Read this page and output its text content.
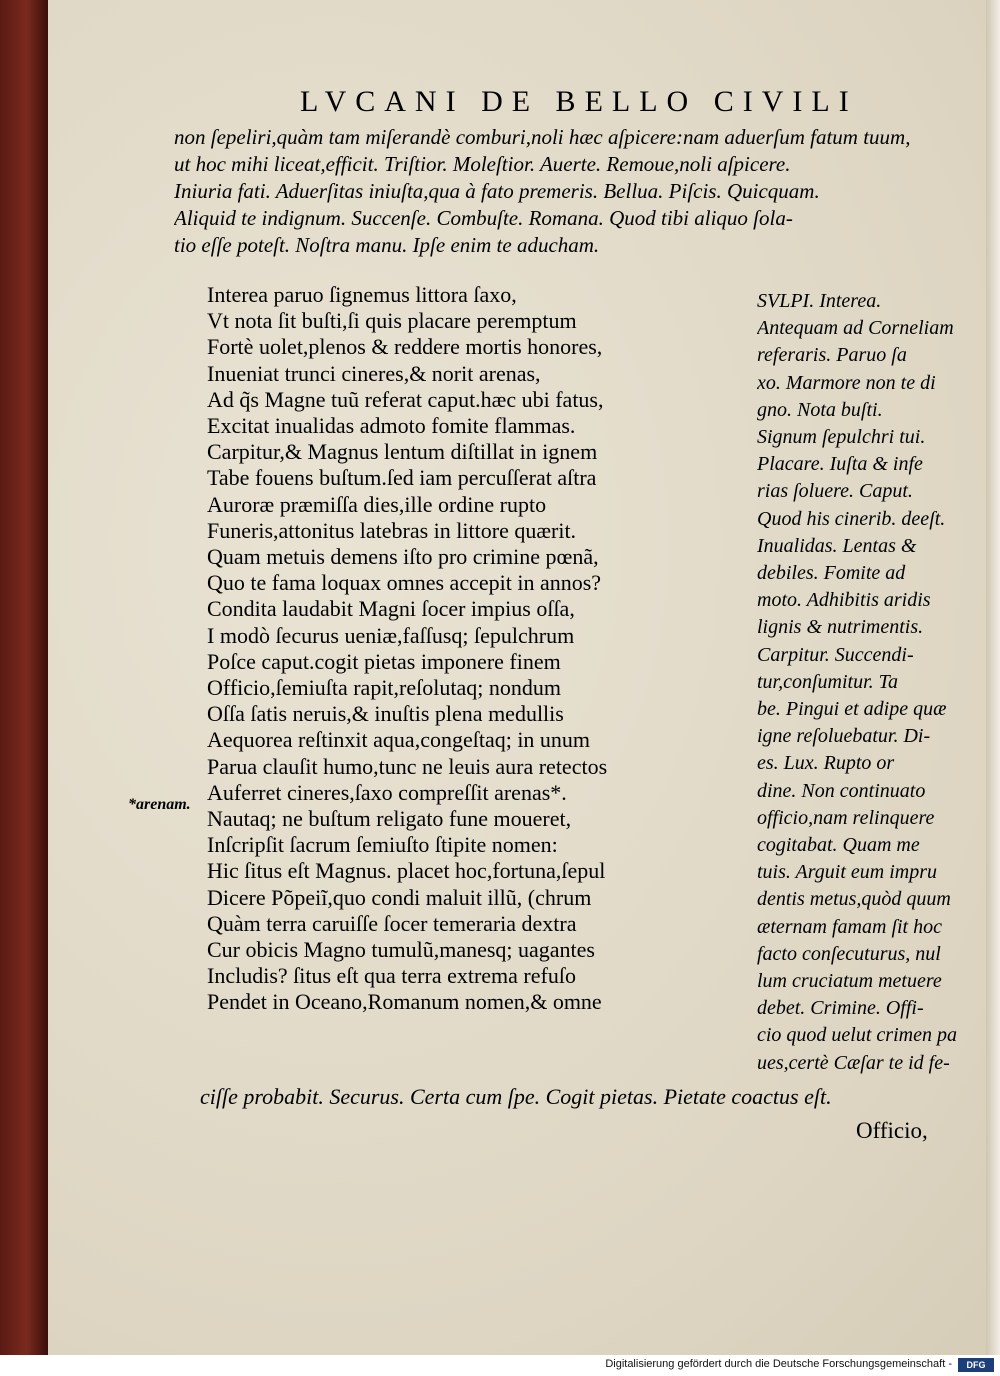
LVCANI DE BELLO CIVILI
non ſepeliri,quàm tam miſerandè comburi,noli hæc aſpicere:nam aduerſum fatum tuum,
ut hoc mihi liceat,efficit. Triſtior. Moleſtior. Auerte. Remoue,noli aſpicere.
Iniuria fati. Aduerſitas iniuſta,qua à fato premeris. Bellua. Piſcis. Quicquam.
Aliquid te indignum. Succenſe. Combuſte. Romana. Quod tibi aliquo ſola-
tio eſſe poteſt. Noſtra manu. Ipſe enim te aducham.
Interea paruo ſignemus littora ſaxo,
Vt nota ſit buſti,ſi quis placare peremptum
Fortè uolet,plenos & reddere mortis honores,
Inueniat trunci cineres,& norit arenas,
Ad q̃s Magne tuũ referat caput.hæc ubi fatus,
Excitat inualidas admoto fomite flammas.
Carpitur,& Magnus lentum diſtillat in ignem
Tabe fouens buſtum.ſed iam percuſſerat aſtra
Auroræ præmiſſa dies,ille ordine rupto
Funeris,attonitus latebras in littore quærit.
Quam metuis demens iſto pro crimine pœnã,
Quo te fama loquax omnes accepit in annos?
Condita laudabit Magni ſocer impius oſſa,
I modò ſecurus ueniæ,faſſusq; ſepulchrum
Poſce caput.cogit pietas imponere finem
Officio,ſemiuſta rapit,reſolutaq; nondum
Oſſa ſatis neruis,& inuſtis plena medullis
Aequorea reſtinxit aqua,congeſtaq; in unum
Parua clauſit humo,tunc ne leuis aura retectos
Auferret cineres,ſaxo compreſſit arenas*.
Nautaq; ne buſtum religato fune moueret,
Inſcripſit ſacrum ſemiuſto ſtipite nomen:
Hic ſitus eſt Magnus. placet hoc,fortuna,ſepul
Dicere Põpeiĩ,quo condi maluit illũ, (chrum
Quàm terra caruiſſe ſocer temeraria dextra
Cur obicis Magno tumulũ,manesq; uagantes
Includis? ſitus eſt qua terra extrema refuſo
Pendet in Oceano,Romanum nomen,& omne
*arenam.
SVLPI. Interea.
Antequam ad Corneliam
referaris. Paruo ſa
xo. Marmore non te di
gno. Nota buſti.
Signum ſepulchri tui.
Placare. Iuſta & infe
rias ſoluere. Caput.
Quod his cinerib. deeſt.
Inualidas. Lentas &
debiles. Fomite ad
moto. Adhibitis aridis
lignis & nutrimentis.
Carpitur. Succendi-
tur,conſumitur. Ta
be. Pingui et adipe quæ
igne reſoluebatur. Di-
es. Lux. Rupto or
dine. Non continuato
officio,nam relinquere
cogitabat. Quam me
tuis. Arguit eum impru
dentis metus,quòd quum
æternam famam ſit hoc
facto conſecuturus, nul
lum cruciatum metuere
debet. Crimine. Offi-
cio quod uelut crimen pa
ues,certè Cæſar te id fe-
ciſſe probabit. Securus. Certa cum ſpe. Cogit pietas. Pietate coactus eſt.
Officio,
Digitalisierung gefördert durch die Deutsche Forschungsgemeinschaft -	DFG
